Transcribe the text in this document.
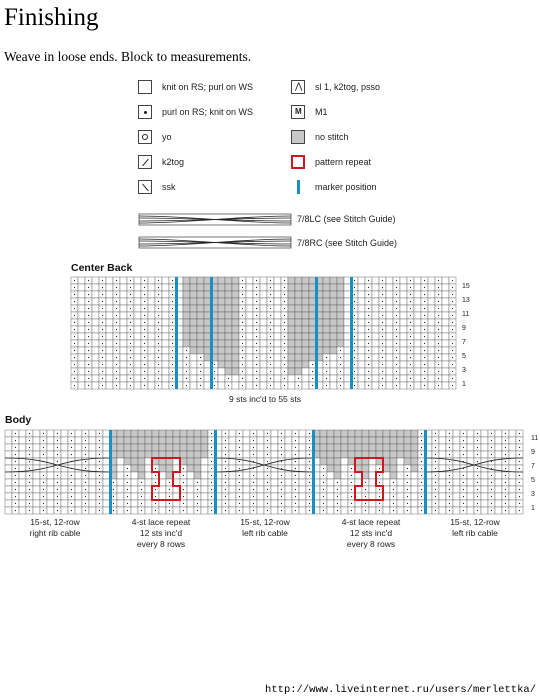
Finishing

Weave in loose ends. Block to measurements.

knit on RS; purl on WS
purl on RS; knit on WS
yo
k2tog
ssk
⋀ sl 1, k2tog, psso
M M1
no stitch
pattern repeat
marker position
7/8LC (see Stitch Guide)
7/8RC (see Stitch Guide)
Center Back
15
13
11
9
7
5
3
1
9 sts inc'd to 55 sts
Body
11
9
7
5
3
1
15-st, 12-row
right rib cable
4-st lace repeat
12 sts inc'd
every 8 rows
15-st, 12-row
left rib cable
4-st lace repeat
12 sts inc'd
every 8 rows
15-st, 12-row
left rib cable
http://www.liveinternet.ru/users/merlettka/
